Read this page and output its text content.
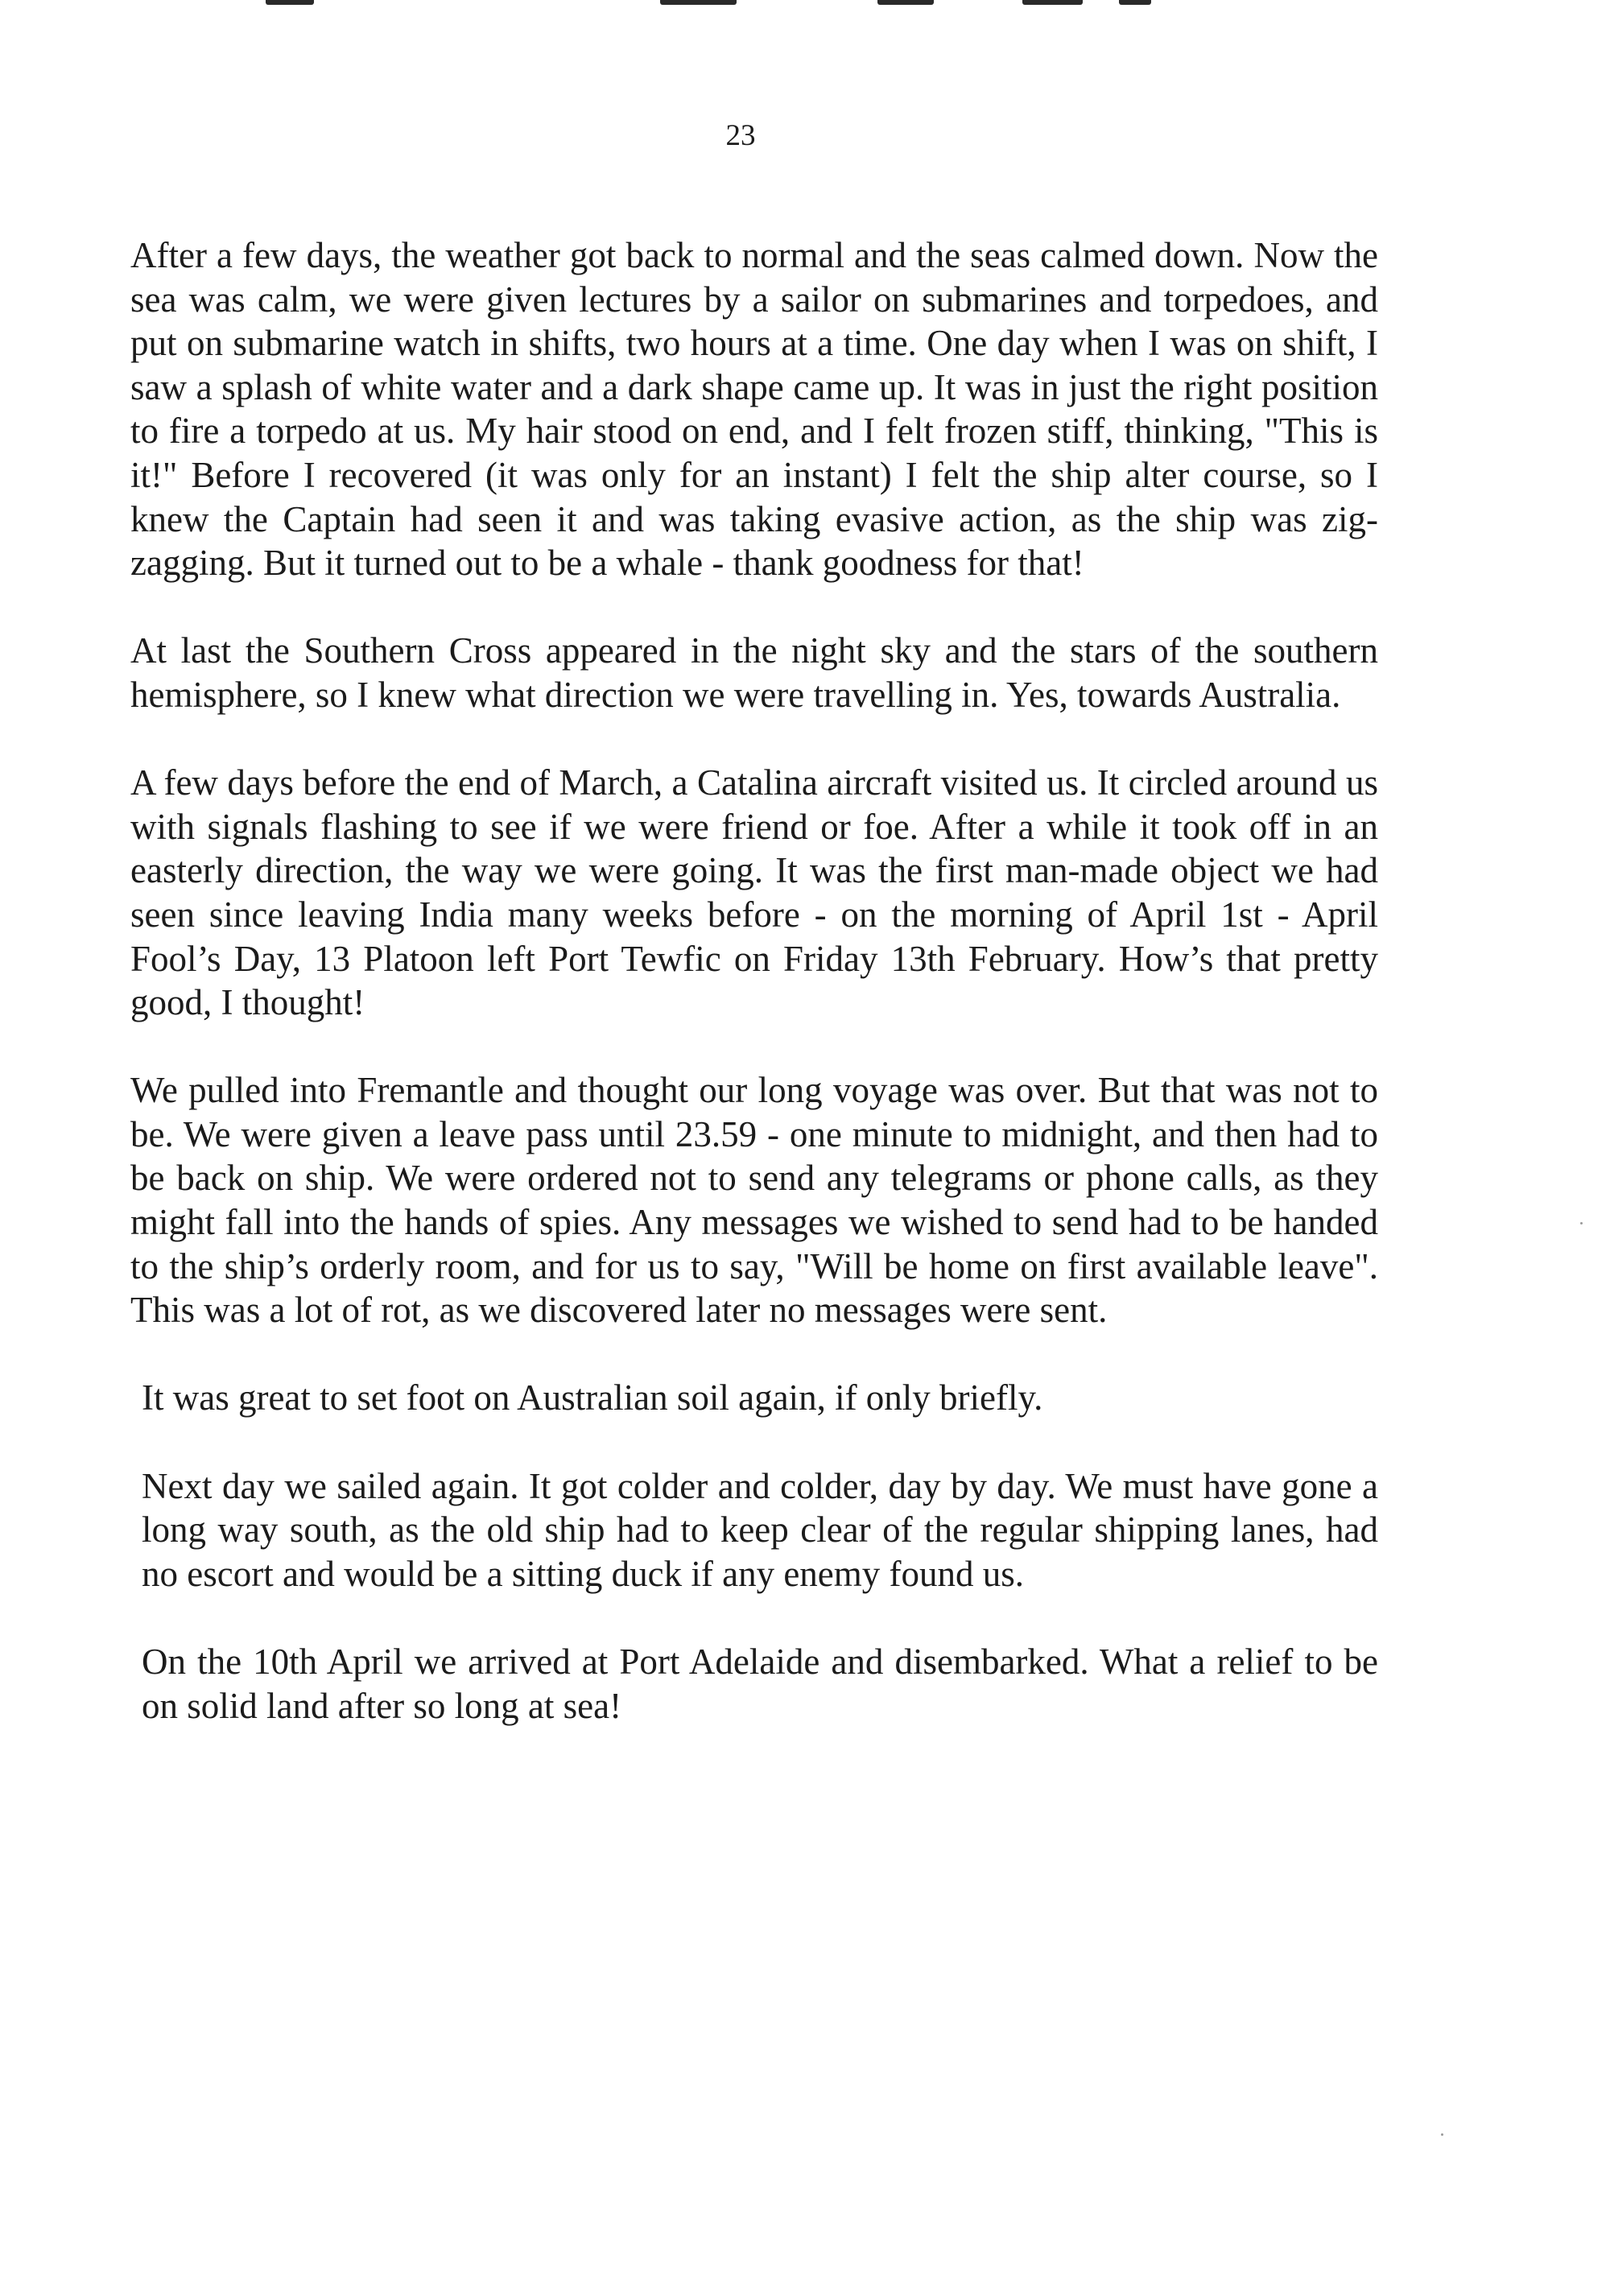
23

After a few days, the weather got back to normal and the seas calmed down. Now the sea was calm, we were given lectures by a sailor on submarines and torpedoes, and put on submarine watch in shifts, two hours at a time. One day when I was on shift, I saw a splash of white water and a dark shape came up. It was in just the right position to fire a torpedo at us. My hair stood on end, and I felt frozen stiff, thinking, "This is it!" Before I recovered (it was only for an instant) I felt the ship alter course, so I knew the Captain had seen it and was taking evasive action, as the ship was zig-zagging. But it turned out to be a whale - thank goodness for that!

At last the Southern Cross appeared in the night sky and the stars of the southern hemisphere, so I knew what direction we were travelling in. Yes, towards Australia.

A few days before the end of March, a Catalina aircraft visited us. It circled around us with signals flashing to see if we were friend or foe. After a while it took off in an easterly direction, the way we were going. It was the first man-made object we had seen since leaving India many weeks before - on the morning of April 1st - April Fool’s Day, 13 Platoon left Port Tewfic on Friday 13th February. How’s that pretty good, I thought!

We pulled into Fremantle and thought our long voyage was over. But that was not to be. We were given a leave pass until 23.59 - one minute to midnight, and then had to be back on ship. We were ordered not to send any telegrams or phone calls, as they might fall into the hands of spies. Any messages we wished to send had to be handed to the ship’s orderly room, and for us to say, "Will be home on first available leave". This was a lot of rot, as we discovered later no messages were sent.

It was great to set foot on Australian soil again, if only briefly.

Next day we sailed again. It got colder and colder, day by day. We must have gone a long way south, as the old ship had to keep clear of the regular shipping lanes, had no escort and would be a sitting duck if any enemy found us.

On the 10th April we arrived at Port Adelaide and disembarked. What a relief to be on solid land after so long at sea!
